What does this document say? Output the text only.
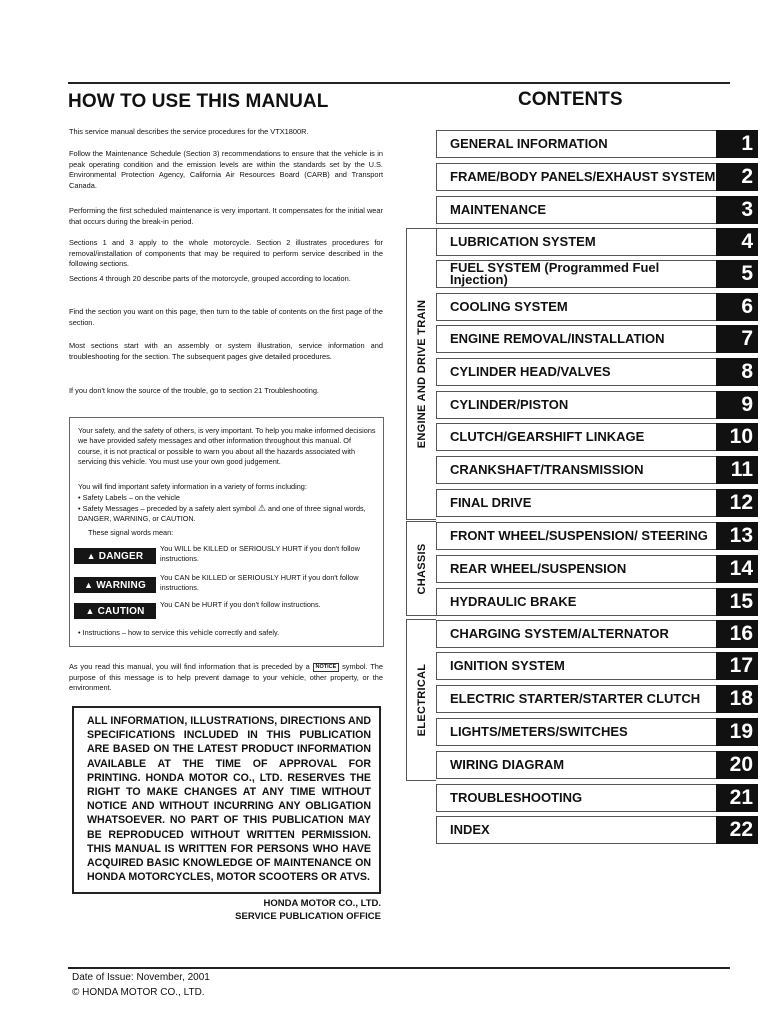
HOW TO USE THIS MANUAL	CONTENTS
This service manual describes the service procedures for the VTX1800R.
Follow the Maintenance Schedule (Section 3) recommendations to ensure that the vehicle is in peak operating condition and the emission levels are within the standards set by the U.S. Environmental Protection Agency, California Air Resources Board (CARB) and Transport Canada.
Performing the first scheduled maintenance is very important. It compensates for the initial wear that occurs during the break-in period.
Sections 1 and 3 apply to the whole motorcycle. Section 2 illustrates procedures for removal/installation of components that may be required to perform service described in the following sections.
Sections 4 through 20 describe parts of the motorcycle, grouped according to location.
Find the section you want on this page, then turn to the table of contents on the first page of the section.
Most sections start with an assembly or system illustration, service information and troubleshooting for the section. The subsequent pages give detailed procedures.
If you don't know the source of the trouble, go to section 21 Troubleshooting.
Your safety, and the safety of others, is very important. To help you make informed decisions we have provided safety messages and other information throughout this manual. Of course, it is not practical or possible to warn you about all the hazards associated with servicing this vehicle. You must use your own good judgement.
You will find important safety information in a variety of forms including:
• Safety Labels – on the vehicle
• Safety Messages – preceded by a safety alert symbol ⚠ and one of three signal words, DANGER, WARNING, or CAUTION.
These signal words mean:
▲ DANGER
You WILL be KILLED or SERIOUSLY HURT if you don't follow instructions.
▲ WARNING
You CAN be KILLED or SERIOUSLY HURT if you don't follow instructions.
▲ CAUTION
You CAN be HURT if you don't follow instructions.
• Instructions – how to service this vehicle correctly and safely.
As you read this manual, you will find information that is preceded by a NOTICE symbol. The purpose of this message is to help prevent damage to your vehicle, other property, or the environment.
ALL INFORMATION, ILLUSTRATIONS, DIRECTIONS AND SPECIFICATIONS INCLUDED IN THIS PUBLICATION ARE BASED ON THE LATEST PRODUCT INFORMATION AVAILABLE AT THE TIME OF APPROVAL FOR PRINTING. HONDA MOTOR CO., LTD. RESERVES THE RIGHT TO MAKE CHANGES AT ANY TIME WITHOUT NOTICE AND WITHOUT INCURRING ANY OBLIGATION WHATSOEVER. NO PART OF THIS PUBLICATION MAY BE REPRODUCED WITHOUT WRITTEN PERMISSION. THIS MANUAL IS WRITTEN FOR PERSONS WHO HAVE ACQUIRED BASIC KNOWLEDGE OF MAINTENANCE ON HONDA MOTORCYCLES, MOTOR SCOOTERS OR ATVS.
HONDA MOTOR CO., LTD.
SERVICE PUBLICATION OFFICE
Date of Issue: November, 2001
© HONDA MOTOR CO., LTD.
ENGINE AND DRIVE TRAIN
CHASSIS
ELECTRICAL
GENERAL INFORMATION	1
FRAME/BODY PANELS/EXHAUST SYSTEM	2
MAINTENANCE	3
LUBRICATION SYSTEM	4
FUEL SYSTEM (Programmed Fuel Injection)	5
COOLING SYSTEM	6
ENGINE REMOVAL/INSTALLATION	7
CYLINDER HEAD/VALVES	8
CYLINDER/PISTON	9
CLUTCH/GEARSHIFT LINKAGE	10
CRANKSHAFT/TRANSMISSION	11
FINAL DRIVE	12
FRONT WHEEL/SUSPENSION/ STEERING	13
REAR WHEEL/SUSPENSION	14
HYDRAULIC BRAKE	15
CHARGING SYSTEM/ALTERNATOR	16
IGNITION SYSTEM	17
ELECTRIC STARTER/STARTER CLUTCH	18
LIGHTS/METERS/SWITCHES	19
WIRING DIAGRAM	20
TROUBLESHOOTING	21
INDEX	22
